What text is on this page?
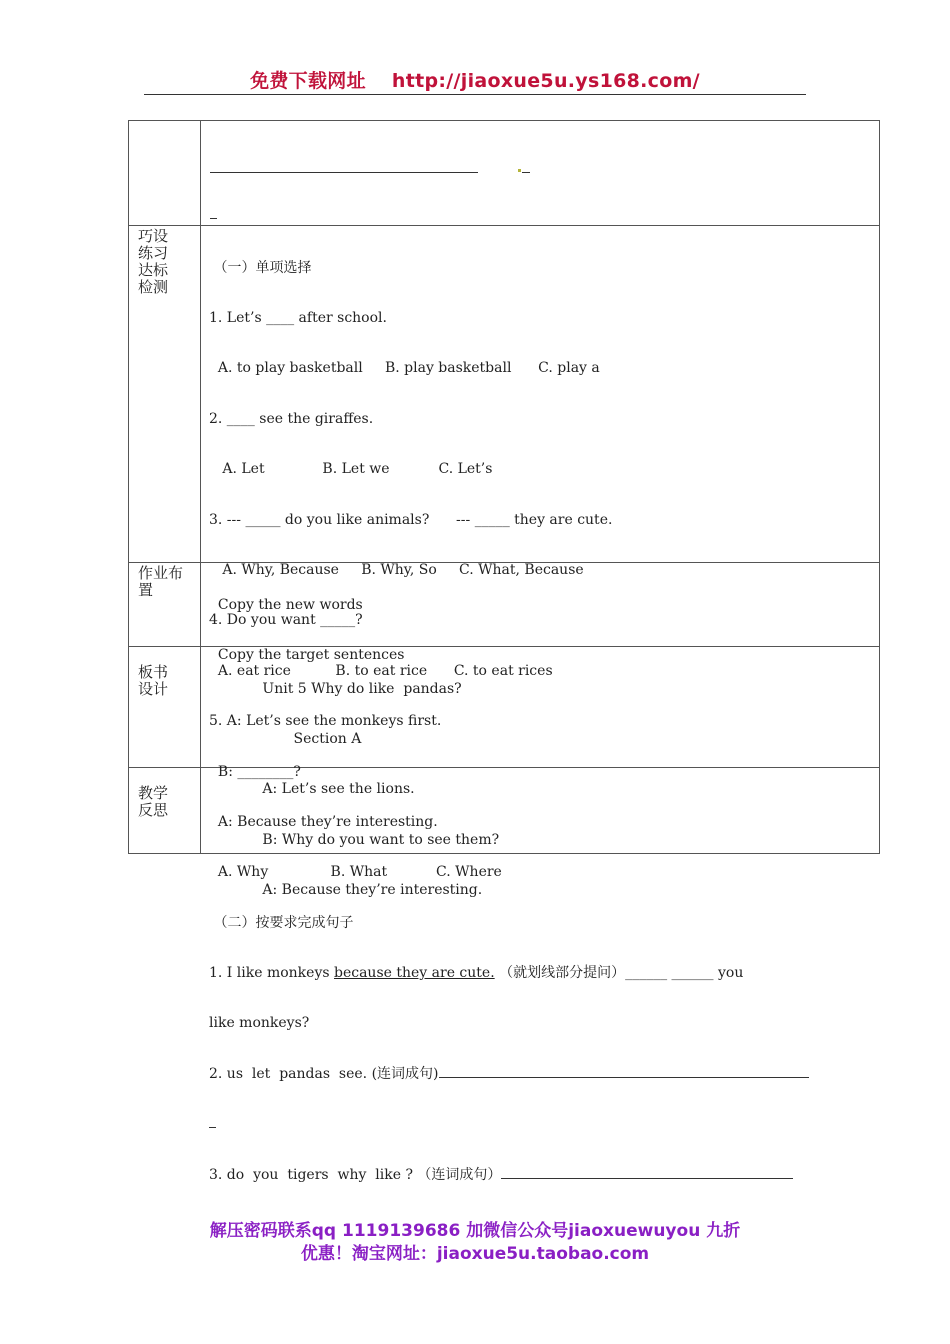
免费下载网址 http://jiaoxue5u.ys168.com/

巧设
练习
达标
检测

（一）单项选择

1. Let’s ____ after school.

A. to play basketball     B. play basketball      C. play a

2. ____ see the giraffes.

A. Let             B. Let we           C. Let’s

3. --- _____ do you like animals?      --- _____ they are cute.

A. Why, Because     B. Why, So     C. What, Because

4. Do you want _____?

A. eat rice          B. to eat rice      C. to eat rices

5. A: Let’s see the monkeys first.

B: ________?

A: Because they’re interesting.

A. Why              B. What           C. Where

（二）按要求完成句子

1. I like monkeys because they are cute. （就划线部分提问）______ ______ you

like monkeys?

2. us  let  pandas  see. (连词成句)

3. do  you  tigers  why  like ? （连词成句）

作业布
置

Copy the new words

Copy the target sentences

板书
设计

	Unit 5 Why do like  pandas?

Section A

A: Let’s see the lions.

B: Why do you want to see them?

A: Because they’re interesting.

教学
反思
解压密码联系qq 1119139686 加微信公众号jiaoxuewuyou 九折
优惠！淘宝网址：jiaoxue5u.taobao.com
